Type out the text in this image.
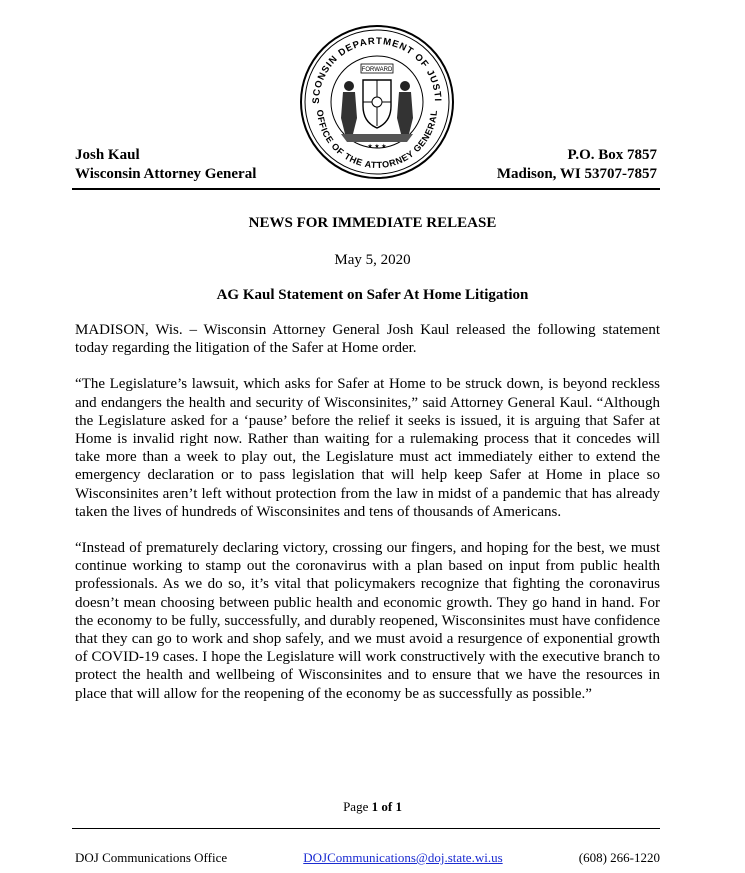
SCONSIN DEPARTMENT OF JUSTI
OFFICE OF THE ATTORNEY GENERAL
FORWARD
★ ★ ★
Josh Kaul
Wisconsin Attorney General
P.O. Box 7857
Madison, WI 53707-7857
NEWS FOR IMMEDIATE RELEASE
May 5, 2020
AG Kaul Statement on Safer At Home Litigation

MADISON, Wis. – Wisconsin Attorney General Josh Kaul released the following statement today regarding the litigation of the Safer at Home order.

“The Legislature’s lawsuit, which asks for Safer at Home to be struck down, is beyond reckless and endangers the health and security of Wisconsinites,” said Attorney General Kaul. “Although the Legislature asked for a ‘pause’ before the relief it seeks is issued, it is arguing that Safer at Home is invalid right now. Rather than waiting for a rulemaking process that it concedes will take more than a week to play out, the Legislature must act immediately either to extend the emergency declaration or to pass legislation that will help keep Safer at Home in place so Wisconsinites aren’t left without protection from the law in midst of a pandemic that has already taken the lives of hundreds of Wisconsinites and tens of thousands of Americans.

“Instead of prematurely declaring victory, crossing our fingers, and hoping for the best, we must continue working to stamp out the coronavirus with a plan based on input from public health professionals. As we do so, it’s vital that policymakers recognize that fighting the coronavirus doesn’t mean choosing between public health and economic growth. They go hand in hand. For the economy to be fully, successfully, and durably reopened, Wisconsinites must have confidence that they can go to work and shop safely, and we must avoid a resurgence of exponential growth of COVID-19 cases. I hope the Legislature will work constructively with the executive branch to protect the health and wellbeing of Wisconsinites and to ensure that we have the resources in place that will allow for the reopening of the economy be as successfully as possible.”

Page 1 of 1
DOJ Communications Office	DOJCommunications@doj.state.wi.us	(608) 266-1220
